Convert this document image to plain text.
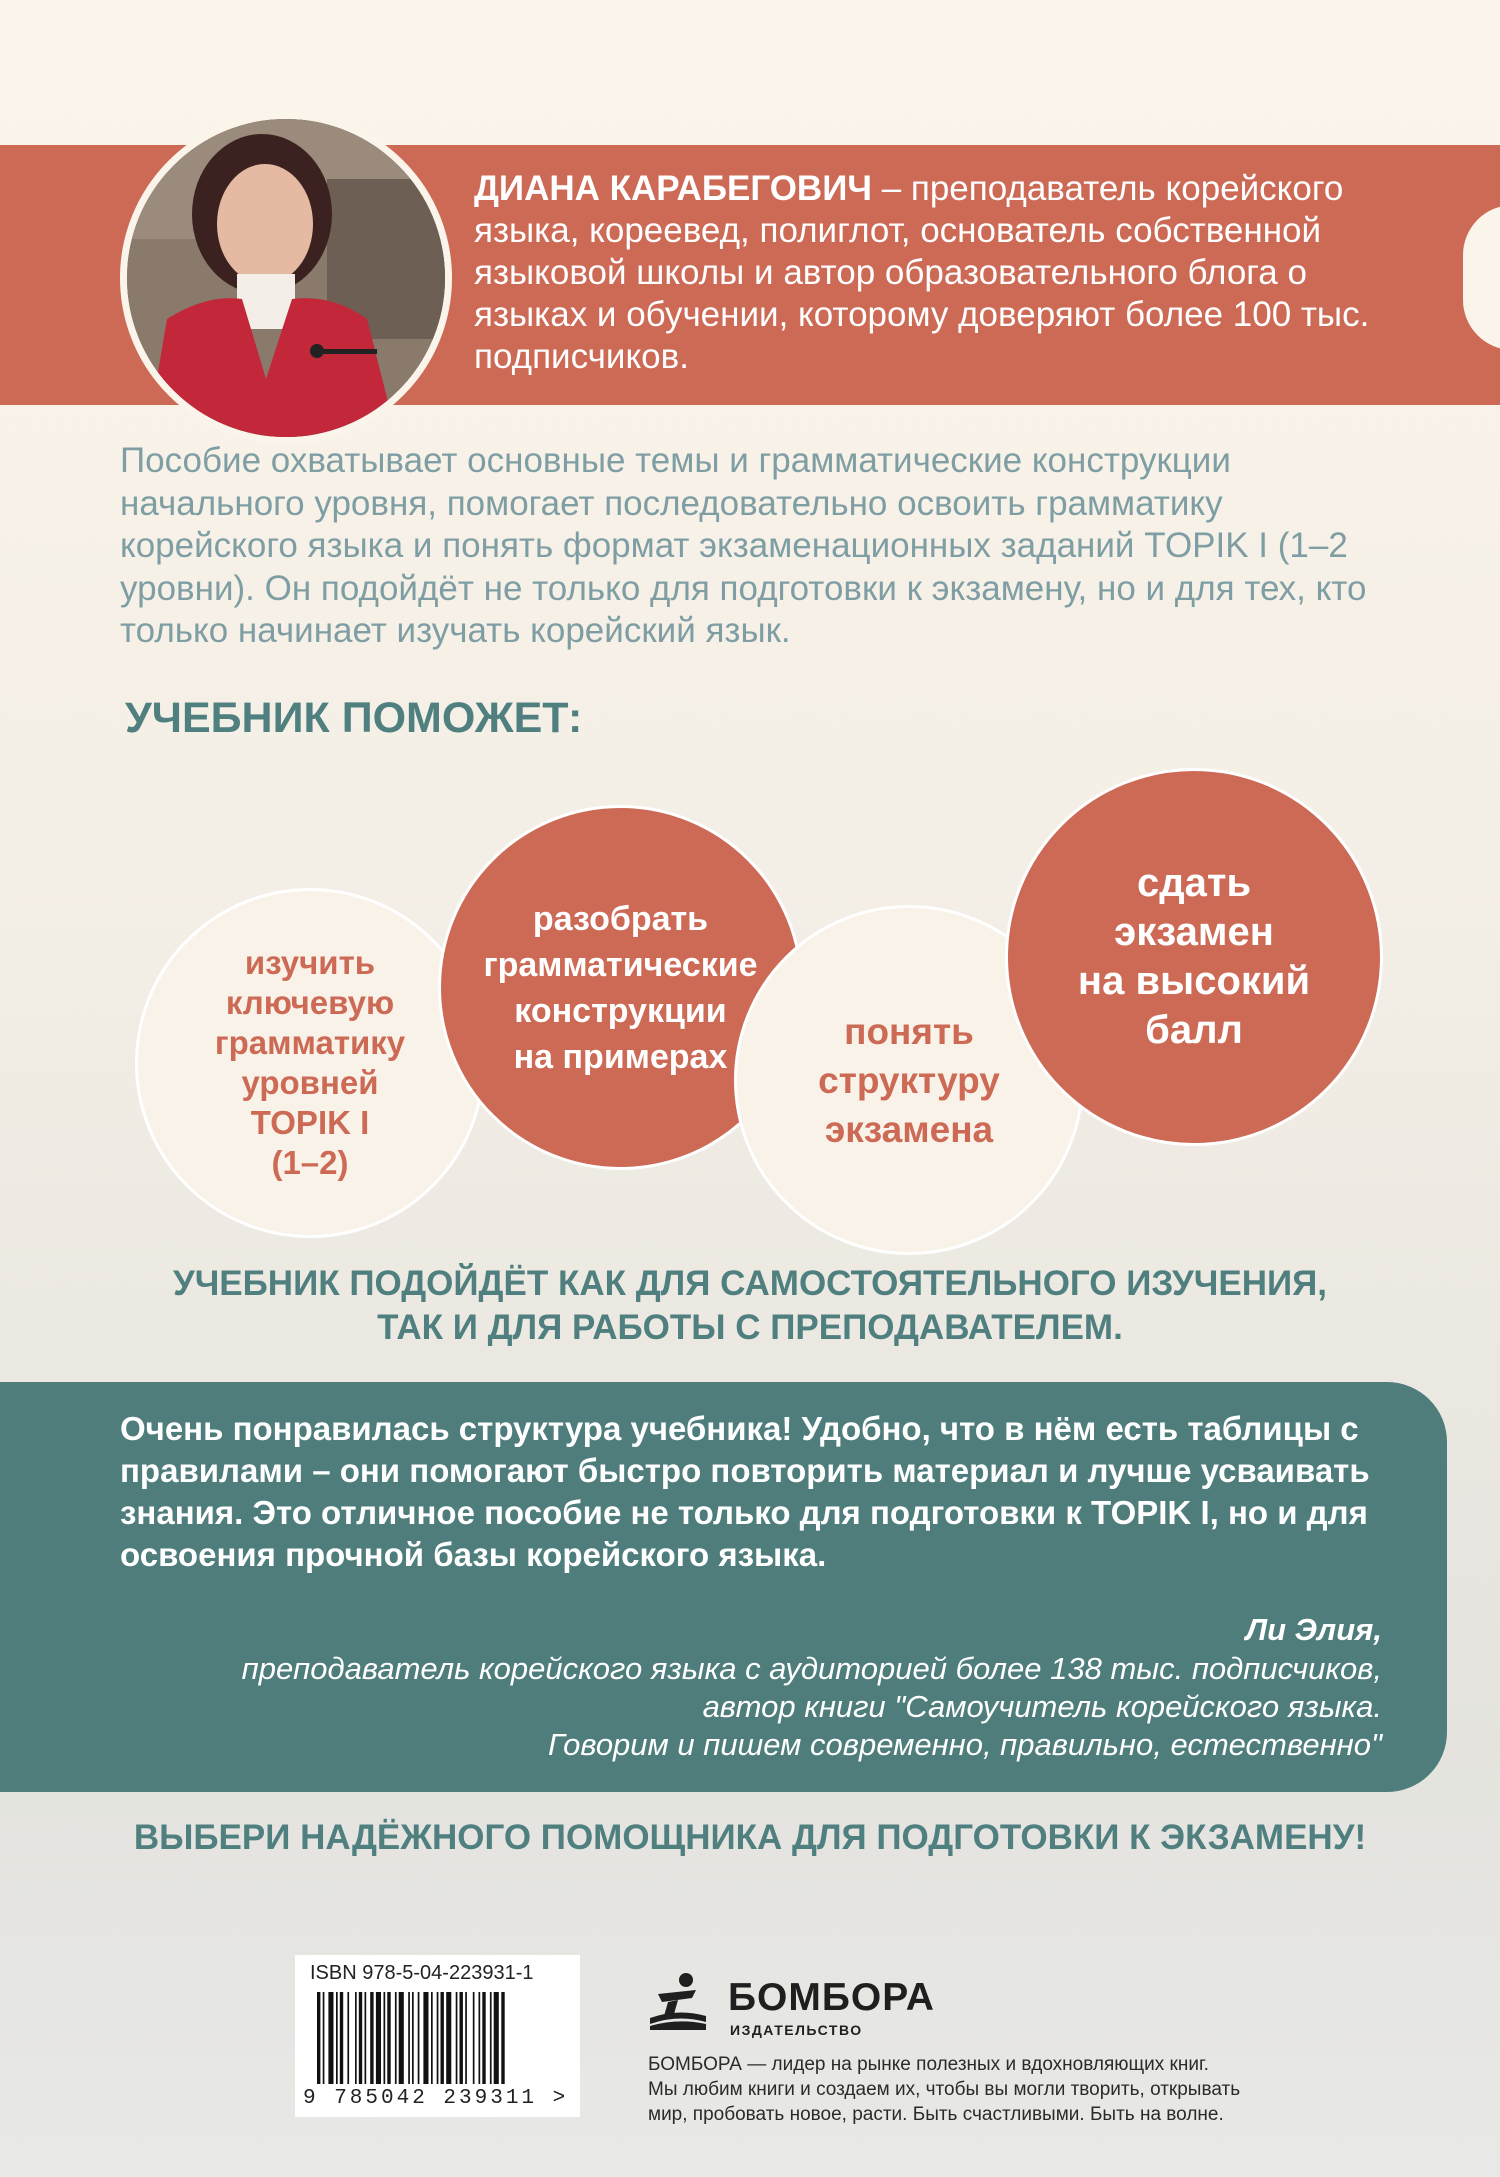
ДИАНА КАРАБЕГОВИЧ – преподаватель корейского языка, кореевед, полиглот, основатель собственной языковой школы и автор образовательного блога о языках и обучении, которому доверяют более 100 тыс. подписчиков.
Пособие охватывает основные темы и грамматические конструкции начального уровня, помогает последовательно освоить грамматику корейского языка и понять формат экзаменационных заданий TOPIK I (1–2 уровни). Он подойдёт не только для подготовки к экзамену, но и для тех, кто только начинает изучать корейский язык.
УЧЕБНИК ПОМОЖЕТ:
изучить
ключевую
грамматику
уровней
TOPIK I
(1–2)
разобрать
грамматические
конструкции
на примерах
понять
структуру
экзамена
сдать
экзамен
на высокий
балл
УЧЕБНИК ПОДОЙДЁТ КАК ДЛЯ САМОСТОЯТЕЛЬНОГО ИЗУЧЕНИЯ,
ТАК И ДЛЯ РАБОТЫ С ПРЕПОДАВАТЕЛЕМ.
Очень понравилась структура учебника! Удобно, что в нём есть таблицы с правилами – они помогают быстро повторить материал и лучше усваивать знания. Это отличное пособие не только для подготовки к TOPIK I, но и для освоения прочной базы корейского языка.
Ли Элия,
преподаватель корейского языка с аудиторией более 138 тыс. подписчиков,
автор книги "Самоучитель корейского языка.
Говорим и пишем современно, правильно, естественно"
ВЫБЕРИ НАДЁЖНОГО ПОМОЩНИКА ДЛЯ ПОДГОТОВКИ К ЭКЗАМЕНУ!
ISBN 978-5-04-223931-1
9 785042 239311 >
БОМБОРА
ИЗДАТЕЛЬСТВО
БОМБОРА — лидер на рынке полезных и вдохновляющих книг.
Мы любим книги и создаем их, чтобы вы могли творить, открывать
мир, пробовать новое, расти. Быть счастливыми. Быть на волне.
